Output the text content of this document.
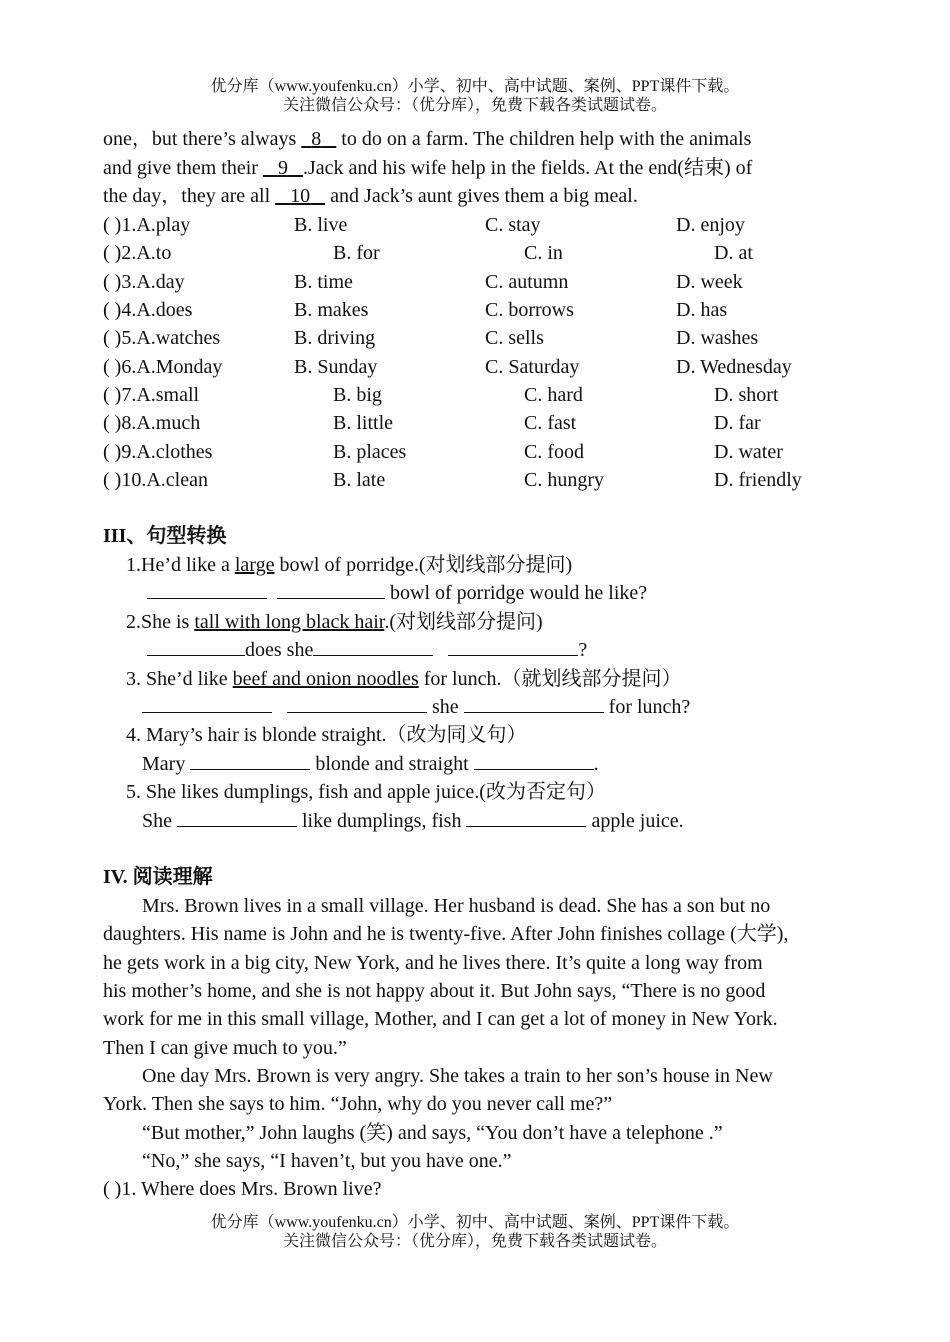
优分库（www.youfenku.cn）小学、初中、高中试题、案例、PPT课件下载。
关注微信公众号：（优分库），免费下载各类试题试卷。
one，but there’s always   8    to do on a farm. The children help with the animals
and give them their    9 .Jack and his wife help in the fields. At the end(结束) of
the day，they are all    10    and Jack’s aunt gives them a big meal.
( )1.A.play	B. live	C. stay	D. enjoy
( )2.A.to	B. for	C. in	D. at
( )3.A.day	B. time	C. autumn	D. week
( )4.A.does	B. makes	C. borrows	D. has
( )5.A.watches	B. driving	C. sells	D. washes
( )6.A.Monday	B. Sunday	C. Saturday	D. Wednesday
( )7.A.small	B. big	C. hard	D. short
( )8.A.much	B. little	C. fast	D. far
( )9.A.clothes	B. places	C. food	D. water
( )10.A.clean	B. late	C. hungry	D. friendly
III、句型转换
1.He’d like a large bowl of porridge.(对划线部分提问)
bowl of porridge would he like?
2.She is tall with long black hair.(对划线部分提问)
does she	?
3. She’d like beef and onion noodles for lunch.（就划线部分提问）
she	for lunch?
4. Mary’s hair is blonde straight.（改为同义句）
Mary	blonde and straight	.
5. She likes dumplings, fish and apple juice.(改为否定句）
She	like dumplings, fish	apple juice.
IV. 阅读理解
Mrs. Brown lives in a small village. Her husband is dead. She has a son but no
daughters. His name is John and he is twenty-five. After John finishes collage (大学),
he gets work in a big city, New York, and he lives there. It’s quite a long way from
his mother’s home, and she is not happy about it. But John says, “There is no good
work for me in this small village, Mother, and I can get a lot of money in New York.
Then I can give much to you.”
One day Mrs. Brown is very angry. She takes a train to her son’s house in New
York. Then she says to him. “John, why do you never call me?”
“But mother,” John laughs (笑) and says, “You don’t have a telephone .”
“No,” she says, “I haven’t, but you have one.”
( )1. Where does Mrs. Brown live?
优分库（www.youfenku.cn）小学、初中、高中试题、案例、PPT课件下载。
关注微信公众号：（优分库），免费下载各类试题试卷。
